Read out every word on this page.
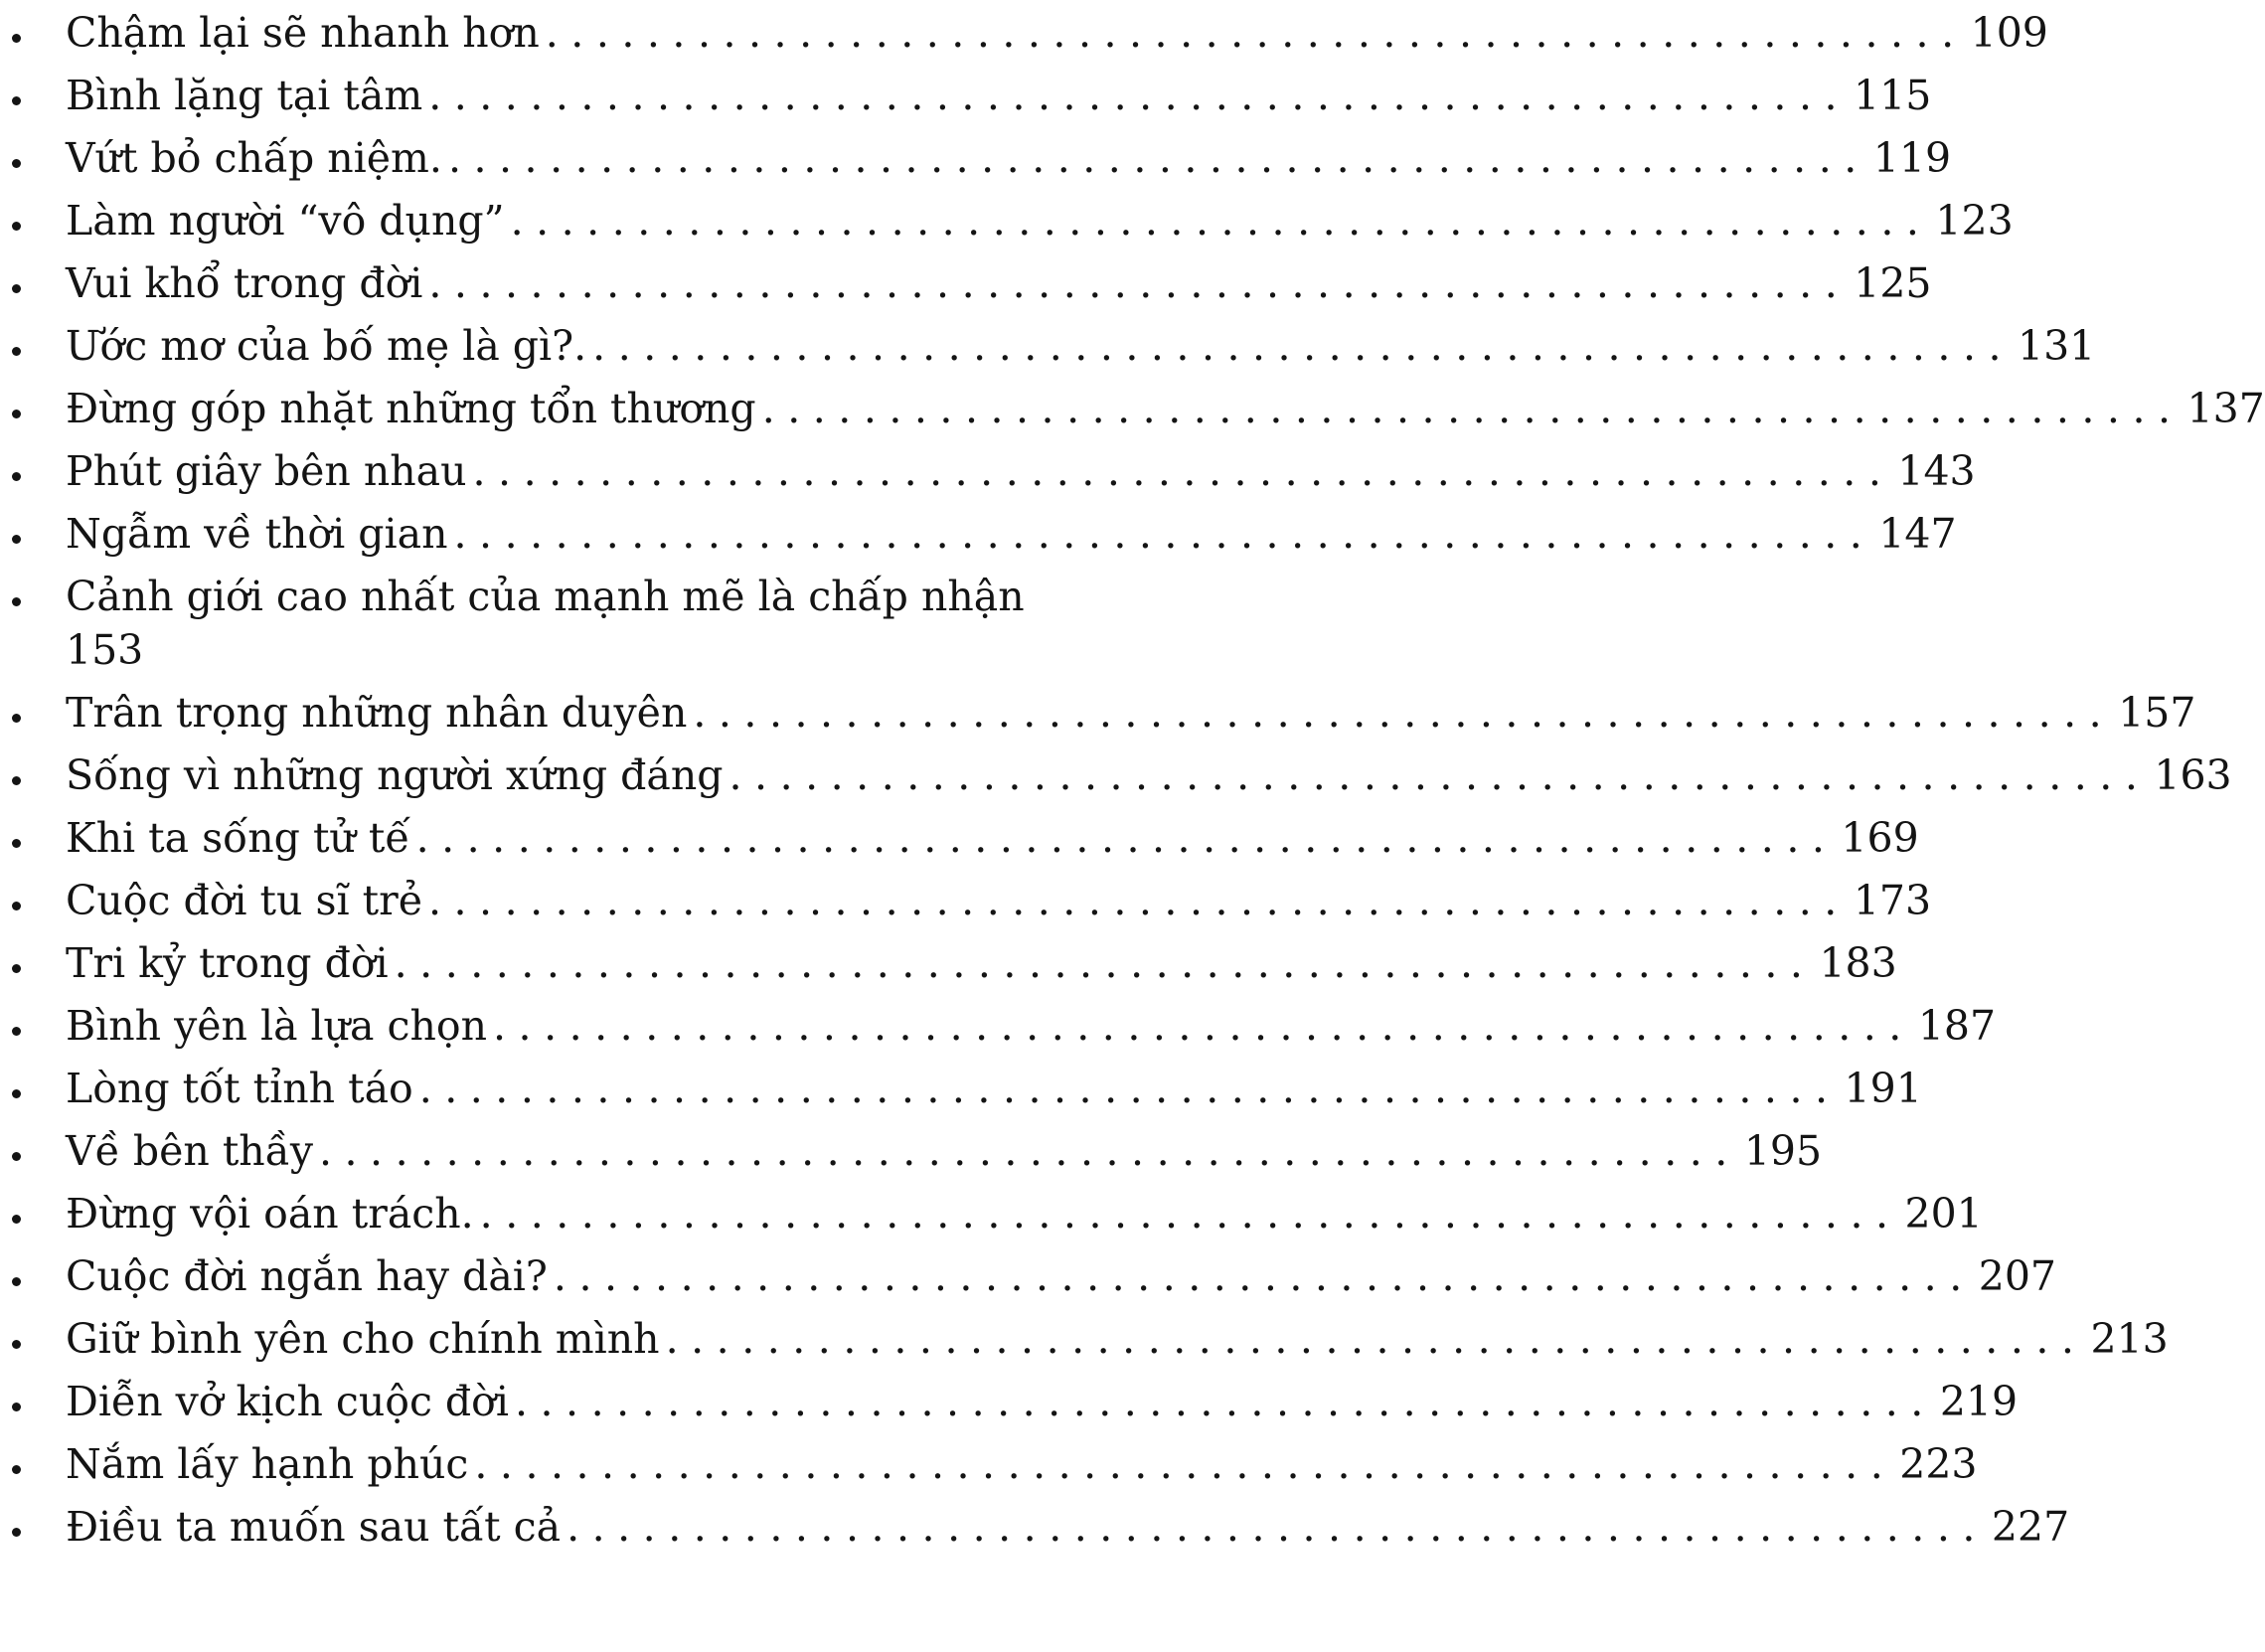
Chậm lại sẽ nhanh hơn ........................................................ 109
Bình lặng tại tâm ........................................................ 115
Vứt bỏ chấp niệm. ........................................................ 119
Làm người “vô dụng” ........................................................ 123
Vui khổ trong đời ........................................................ 125
Ước mơ của bố mẹ là gì?. ........................................................ 131
Đừng góp nhặt những tổn thương ........................................................ 137
Phút giây bên nhau ........................................................ 143
Ngẫm về thời gian ........................................................ 147
Cảnh giới cao nhất của mạnh mẽ là chấp nhận
153
Trân trọng những nhân duyên ........................................................ 157
Sống vì những người xứng đáng ........................................................ 163
Khi ta sống tử tế ........................................................ 169
Cuộc đời tu sĩ trẻ ........................................................ 173
Tri kỷ trong đời ........................................................ 183
Bình yên là lựa chọn ........................................................ 187
Lòng tốt tỉnh táo ........................................................ 191
Về bên thầy ........................................................ 195
Đừng vội oán trách. ........................................................ 201
Cuộc đời ngắn hay dài? ........................................................ 207
Giữ bình yên cho chính mình ........................................................ 213
Diễn vở kịch cuộc đời ........................................................ 219
Nắm lấy hạnh phúc ........................................................ 223
Điều ta muốn sau tất cả ........................................................ 227
